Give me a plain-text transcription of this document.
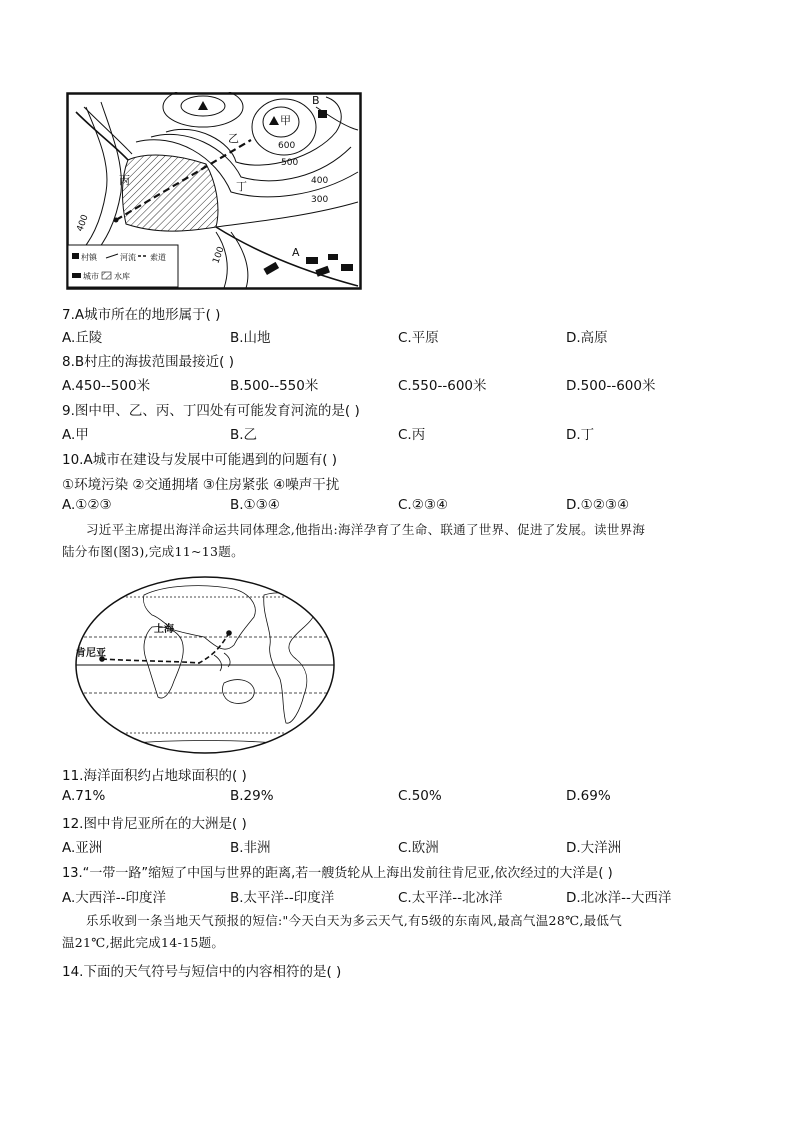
B
甲
乙
丙	丁
A
600
500
400
300
400
100
村镇	河流 索道
城市 水库
7.A城市所在的地形属于( )
A.丘陵	B.山地	C.平原	D.高原
8.B村庄的海拔范围最接近( )
A.450--500米	B.500--550米	C.550--600米	D.500--600米
9.图中甲、乙、丙、丁四处有可能发育河流的是( )
A.甲	B.乙	C.丙	D.丁
10.A城市在建设与发展中可能遇到的问题有( )
①环境污染 ②交通拥堵 ③住房紧张 ④噪声干扰
A.①②③	B.①③④	C.②③④	D.①②③④
习近平主席提出海洋命运共同体理念,他指出:海洋孕育了生命、联通了世界、促进了发展。读世界海
陆分布图(图3),完成11~13题。
上海
肯尼亚
11.海洋面积约占地球面积的( )
A.71%	B.29%	C.50%	D.69%
12.图中肯尼亚所在的大洲是( )
A.亚洲	B.非洲	C.欧洲	D.大洋洲
13.“一带一路”缩短了中国与世界的距离,若一艘货轮从上海出发前往肯尼亚,依次经过的大洋是( )
A.大西洋--印度洋	B.太平洋--印度洋	C.太平洋--北冰洋	D.北冰洋--大西洋
乐乐收到一条当地天气预报的短信:"今天白天为多云天气,有5级的东南风,最高气温28℃,最低气
温21℃,据此完成14-15题。
14.下面的天气符号与短信中的内容相符的是( )
